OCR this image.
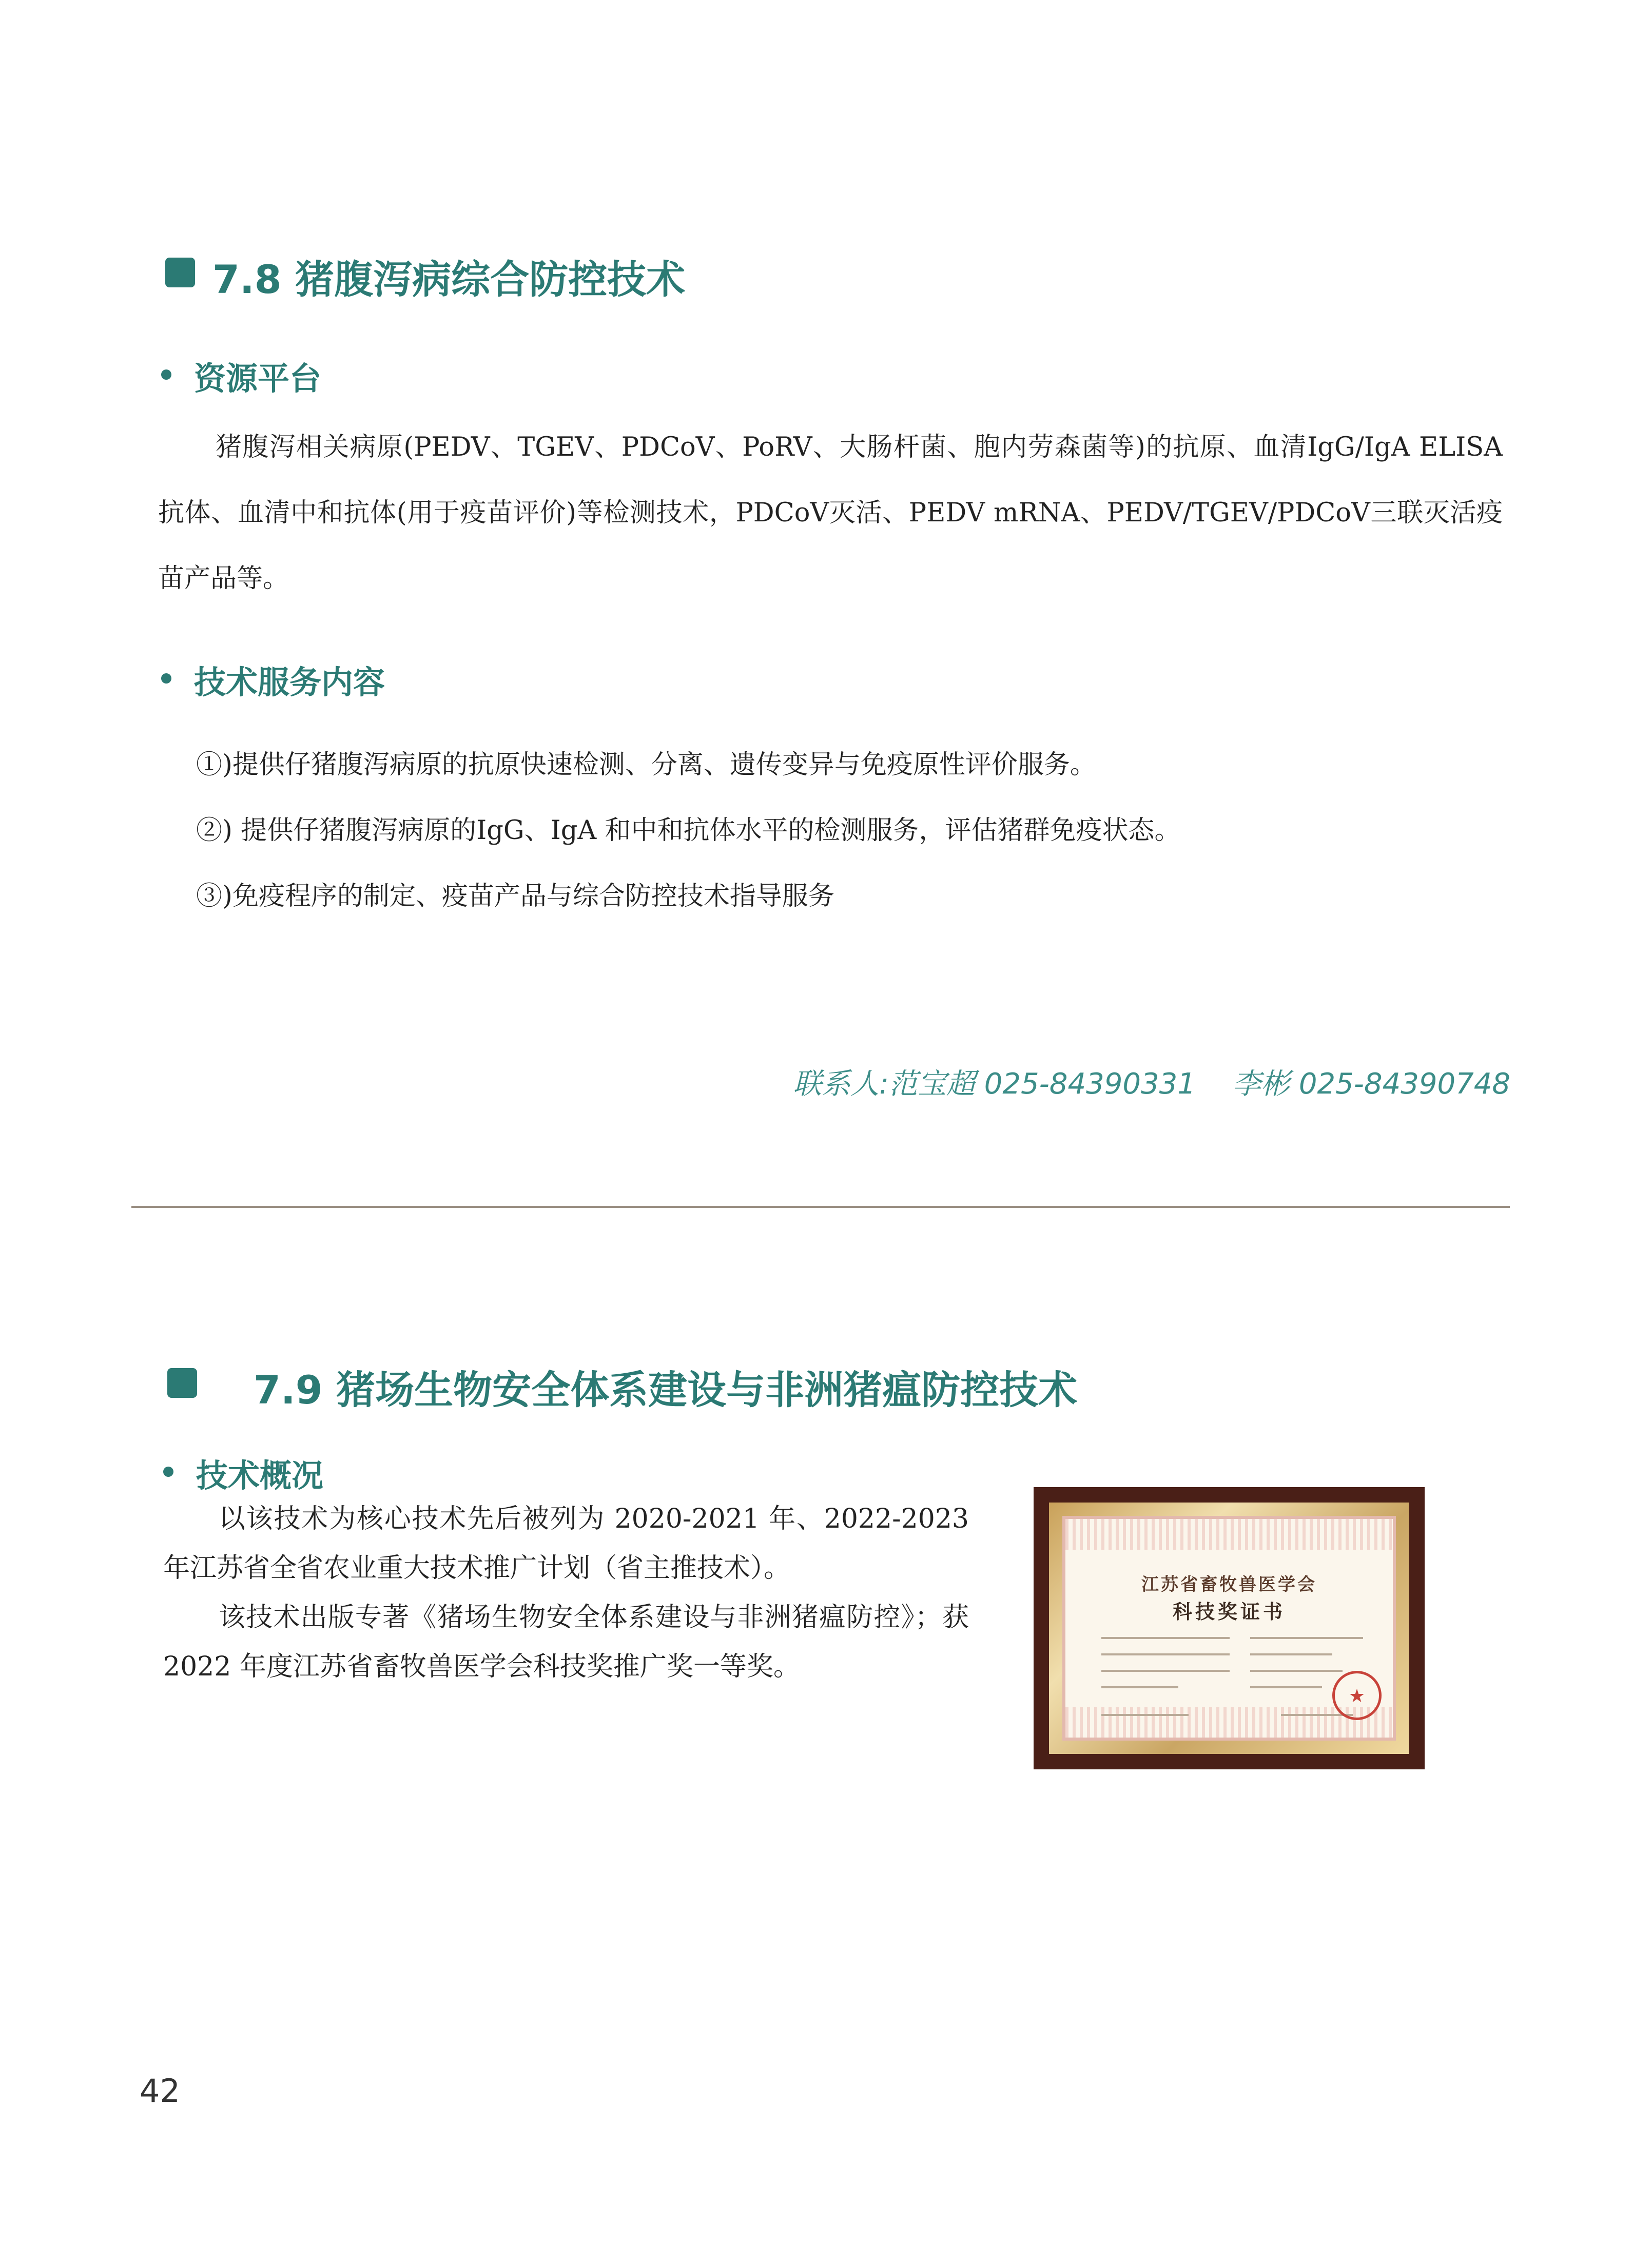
7.8 猪腹泻病综合防控技术
资源平台
猪腹泻相关病原(PEDV、TGEV、PDCoV、PoRV、大肠杆菌、胞内劳森菌等)的抗原、血清IgG/IgA ELISA抗体、血清中和抗体(用于疫苗评价)等检测技术，PDCoV灭活、PEDV mRNA、PEDV/TGEV/PDCoV三联灭活疫苗产品等。
技术服务内容
①)提供仔猪腹泻病原的抗原快速检测、分离、遗传变异与免疫原性评价服务。
②) 提供仔猪腹泻病原的IgG、IgA 和中和抗体水平的检测服务，评估猪群免疫状态。
③)免疫程序的制定、疫苗产品与综合防控技术指导服务
联系人:范宝超 025-84390331    李彬 025-84390748
7.9 猪场生物安全体系建设与非洲猪瘟防控技术
技术概况

以该技术为核心技术先后被列为 2020-2021 年、2022-2023 年江苏省全省农业重大技术推广计划（省主推技术）。

该技术出版专著《猪场生物安全体系建设与非洲猪瘟防控》；获 2022 年度江苏省畜牧兽医学会科技奖推广奖一等奖。

江苏省畜牧兽医学会
科技奖证书
★
42
